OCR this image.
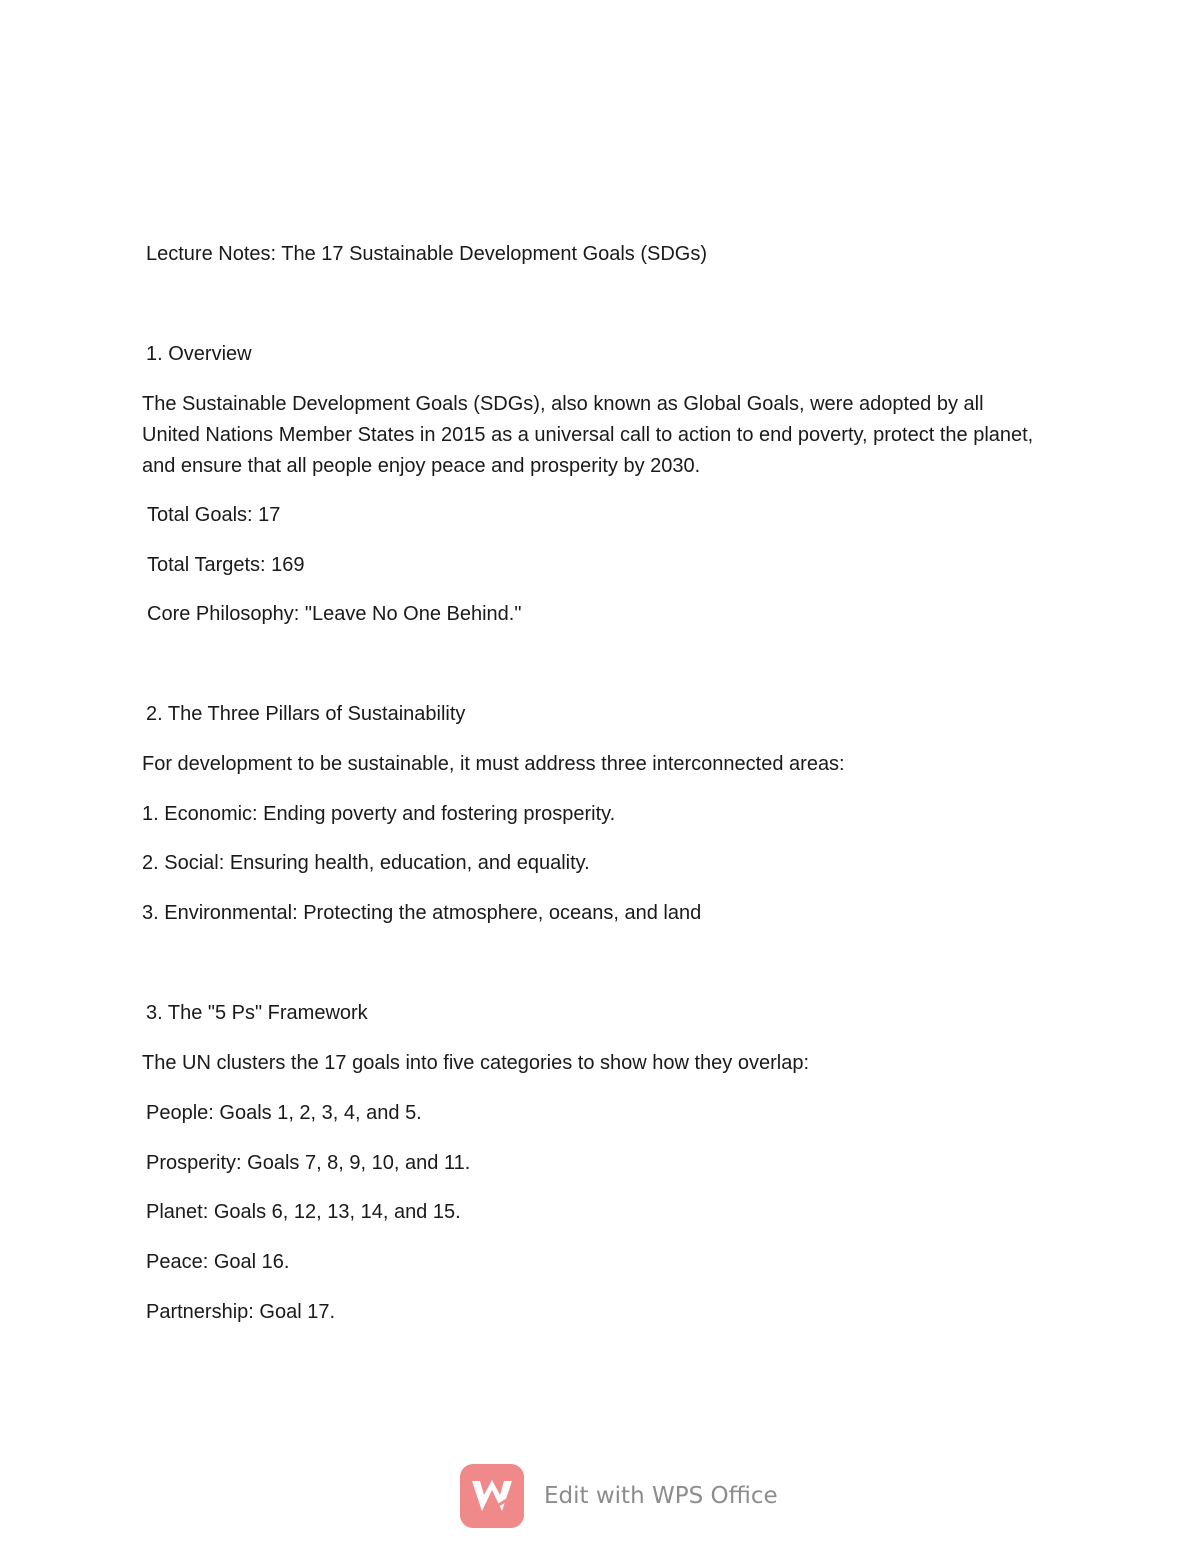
Lecture Notes: The 17 Sustainable Development Goals (SDGs)
1. Overview
The Sustainable Development Goals (SDGs), also known as Global Goals, were adopted by all United Nations Member States in 2015 as a universal call to action to end poverty, protect the planet, and ensure that all people enjoy peace and prosperity by 2030.
Total Goals: 17
Total Targets: 169
Core Philosophy: "Leave No One Behind."
2. The Three Pillars of Sustainability
For development to be sustainable, it must address three interconnected areas:
1. Economic: Ending poverty and fostering prosperity.
2. Social: Ensuring health, education, and equality.
3. Environmental: Protecting the atmosphere, oceans, and land
3. The "5 Ps" Framework
The UN clusters the 17 goals into five categories to show how they overlap:
People: Goals 1, 2, 3, 4, and 5.
Prosperity: Goals 7, 8, 9, 10, and 11.
Planet: Goals 6, 12, 13, 14, and 15.
Peace: Goal 16.
Partnership: Goal 17.
Edit with WPS Office
